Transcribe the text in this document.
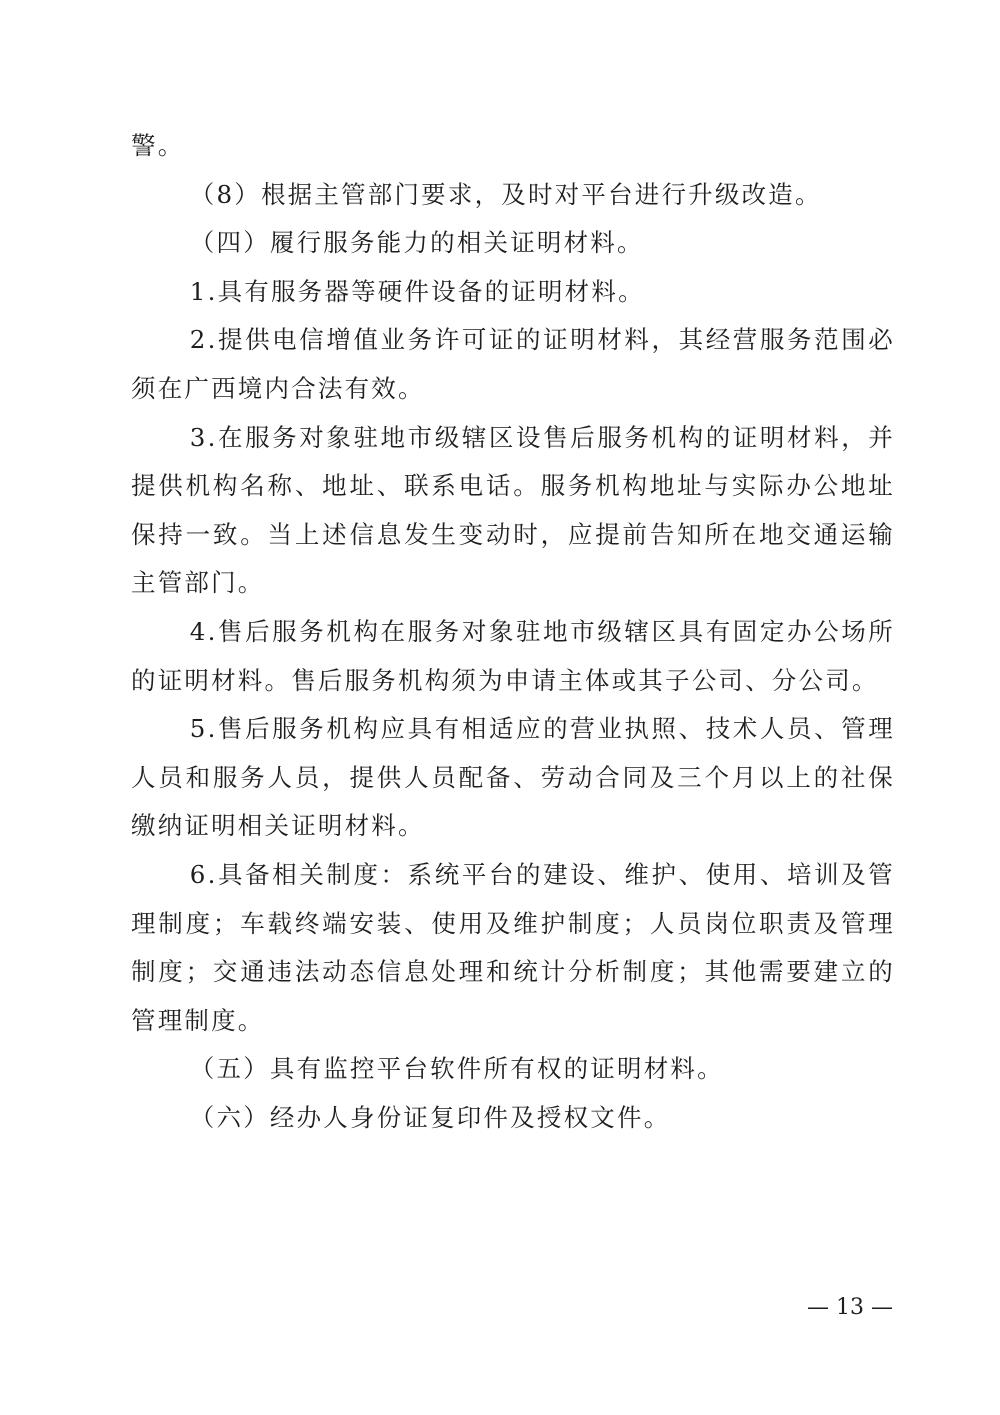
警。

（8）根据主管部门要求，及时对平台进行升级改造。

（四）履行服务能力的相关证明材料。

1.具有服务器等硬件设备的证明材料。

2.提供电信增值业务许可证的证明材料，其经营服务范围必须在广西境内合法有效。

3.在服务对象驻地市级辖区设售后服务机构的证明材料，并提供机构名称、地址、联系电话。服务机构地址与实际办公地址保持一致。当上述信息发生变动时，应提前告知所在地交通运输主管部门。

4.售后服务机构在服务对象驻地市级辖区具有固定办公场所的证明材料。售后服务机构须为申请主体或其子公司、分公司。

5.售后服务机构应具有相适应的营业执照、技术人员、管理人员和服务人员，提供人员配备、劳动合同及三个月以上的社保缴纳证明相关证明材料。

6.具备相关制度：系统平台的建设、维护、使用、培训及管理制度；车载终端安装、使用及维护制度；人员岗位职责及管理制度；交通违法动态信息处理和统计分析制度；其他需要建立的管理制度。

（五）具有监控平台软件所有权的证明材料。

（六）经办人身份证复印件及授权文件。

— 13 —
